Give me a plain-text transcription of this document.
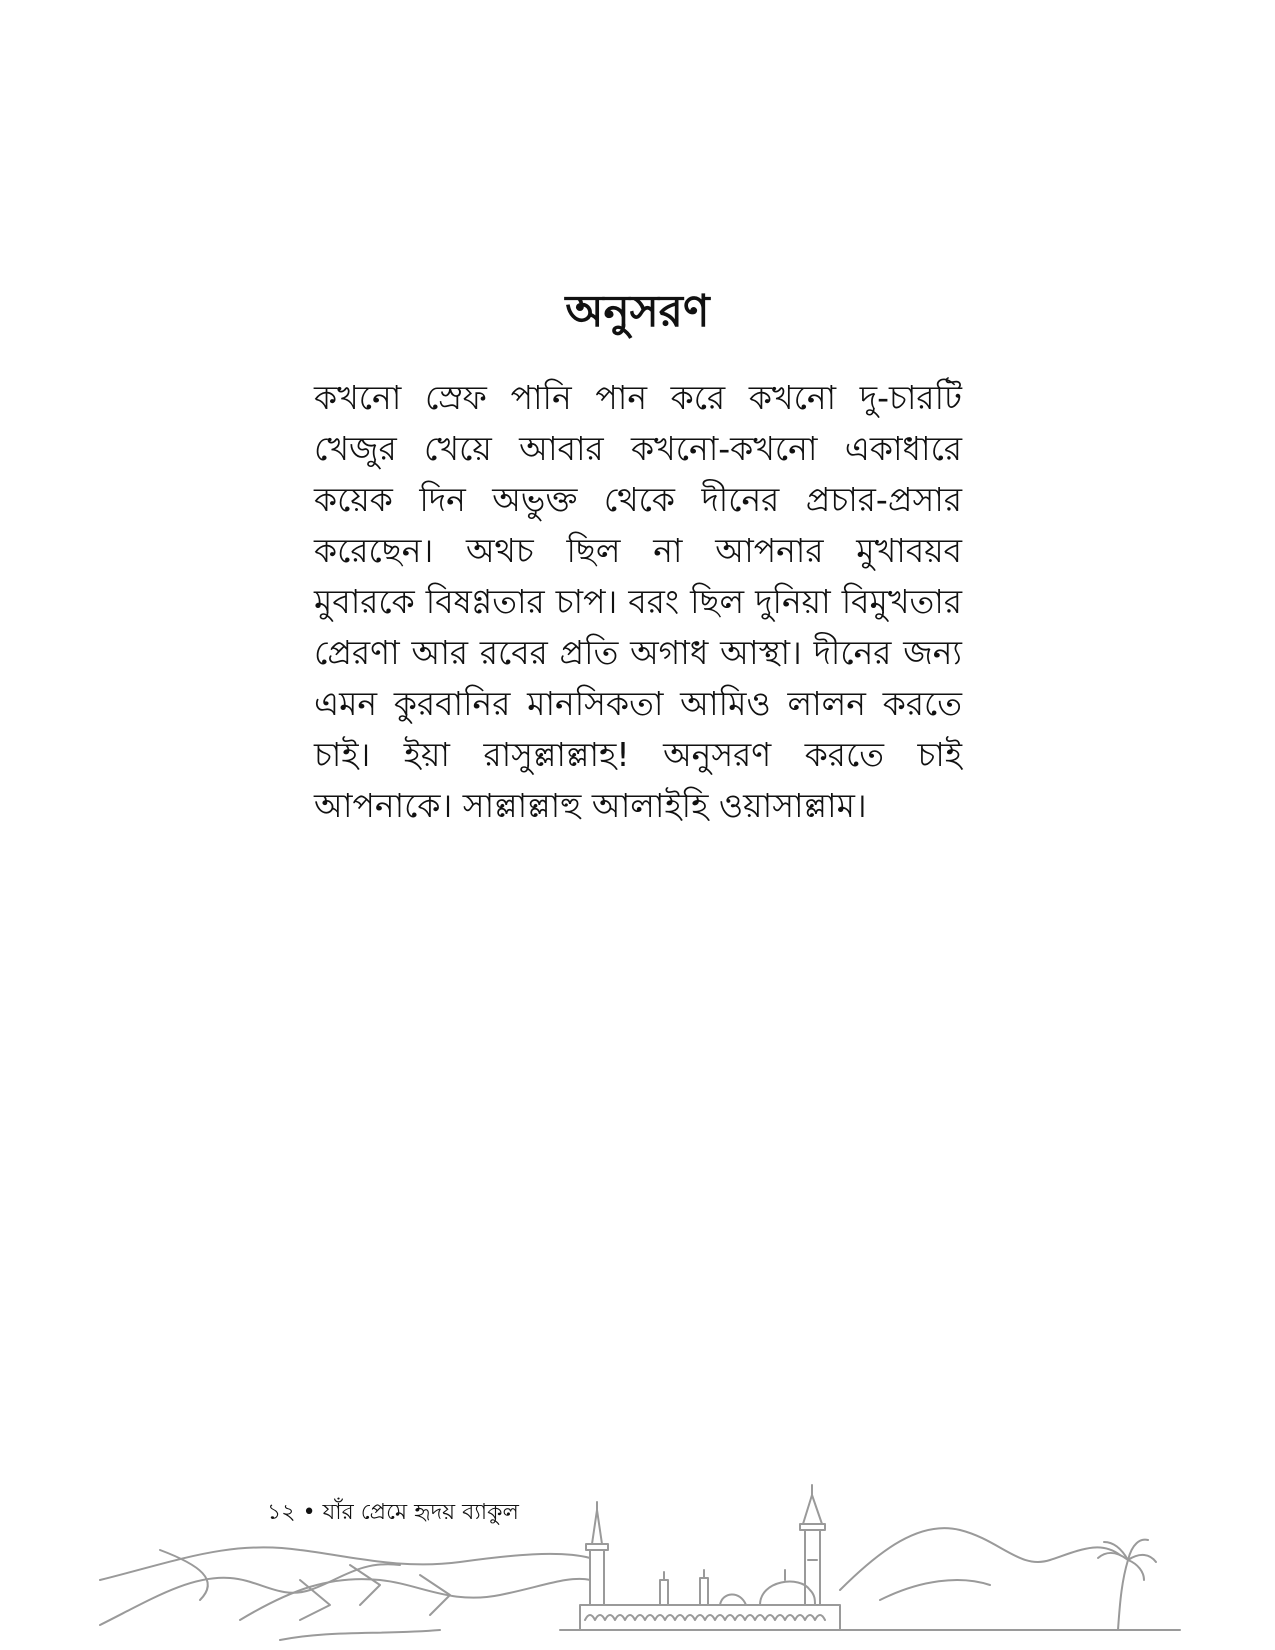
অনুসরণ
কখনো স্রেফ পানি পান করে কখনো দু-চারটি খেজুর খেয়ে আবার কখনো-কখনো একাধারে কয়েক দিন অভুক্ত থেকে দীনের প্রচার-প্রসার করেছেন। অথচ ছিল না আপনার মুখাবয়ব মুবারকে বিষণ্ণতার চাপ। বরং ছিল দুনিয়া বিমুখতার প্রেরণা আর রবের প্রতি অগাধ আস্থা। দীনের জন্য এমন কুরবানির মানসিকতা আমিও লালন করতে চাই। ইয়া রাসুল্লাল্লাহ! অনুসরণ করতে চাই আপনাকে। সাল্লাল্লাহু আলাইহি ওয়াসাল্লাম।
১২ • যাঁর প্রেমে হৃদয় ব্যাকুল
